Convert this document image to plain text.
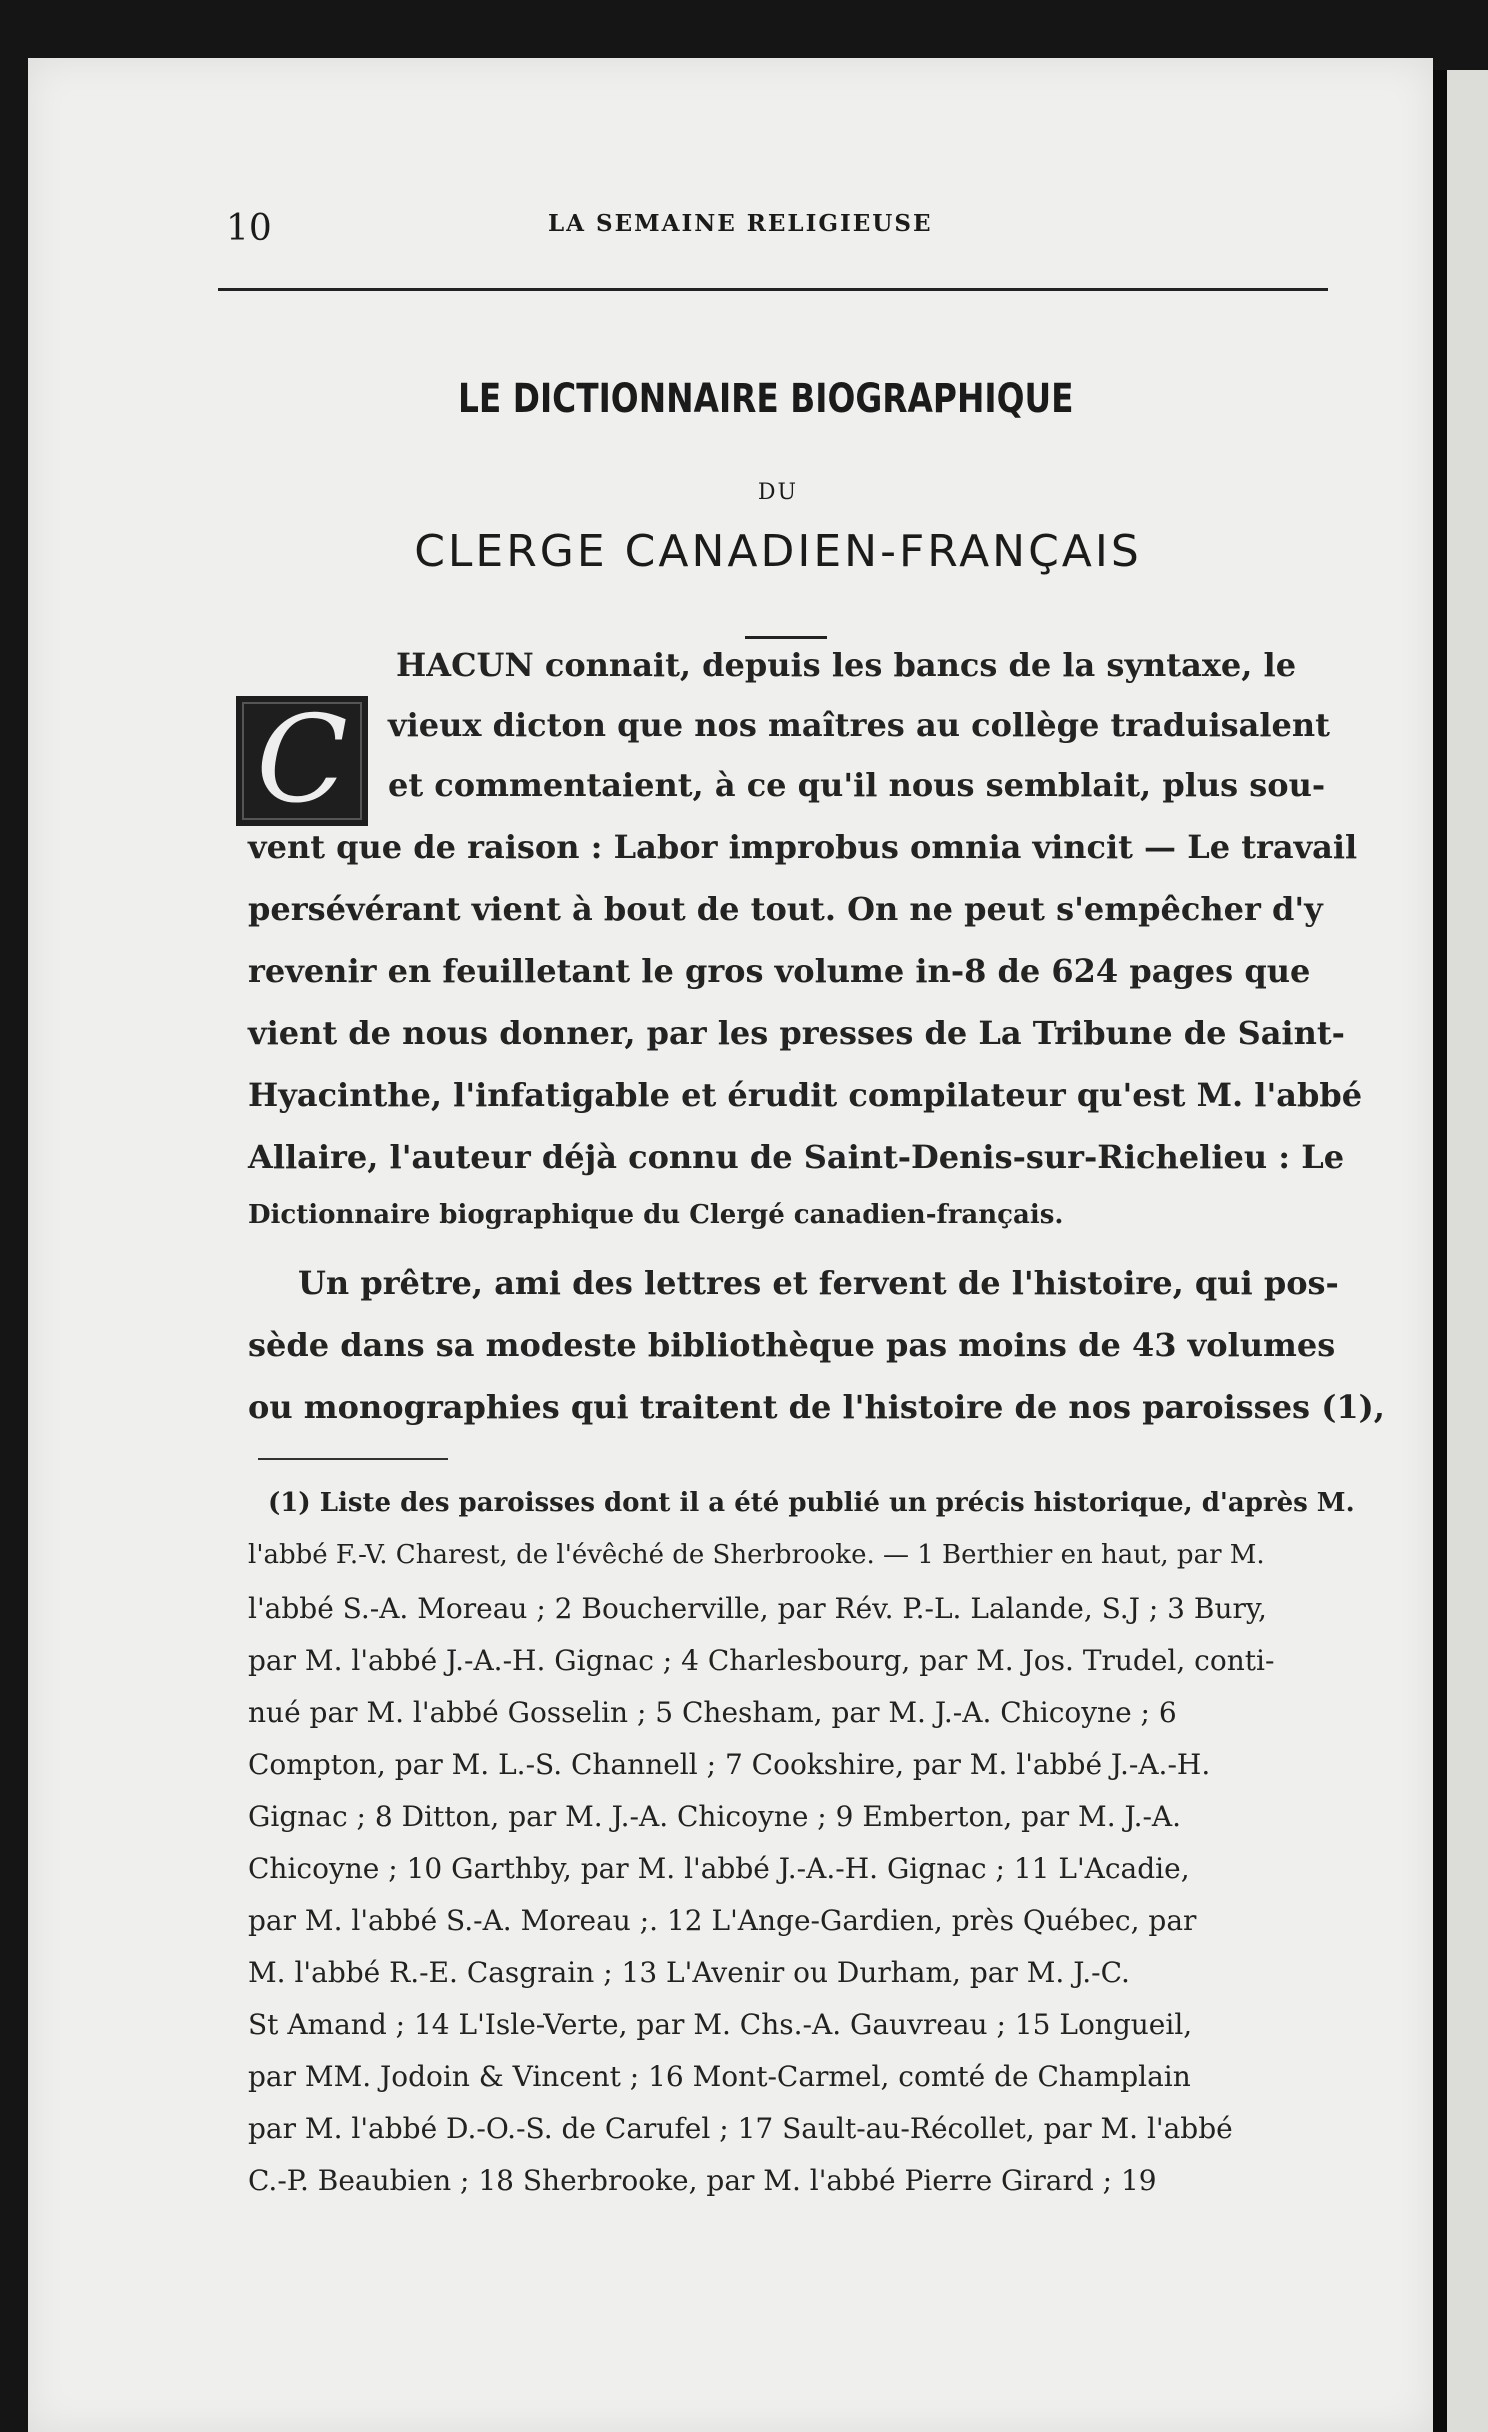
10	LA SEMAINE RELIGIEUSE
LE DICTIONNAIRE BIOGRAPHIQUE
DU
CLERGE CANADIEN-FRANÇAIS
C
HACUN connait, depuis les bancs de la syntaxe, le
vieux dicton que nos maîtres au collège traduisalent
et commentaient, à ce qu'il nous semblait, plus sou-
vent que de raison : Labor improbus omnia vincit — Le travail
persévérant vient à bout de tout. On ne peut s'empêcher d'y
revenir en feuilletant le gros volume in-8 de 624 pages que
vient de nous donner, par les presses de La Tribune de Saint-
Hyacinthe, l'infatigable et érudit compilateur qu'est M. l'abbé
Allaire, l'auteur déjà connu de Saint-Denis-sur-Richelieu : Le
Dictionnaire biographique du Clergé canadien-français.
Un prêtre, ami des lettres et fervent de l'histoire, qui pos-
sède dans sa modeste bibliothèque pas moins de 43 volumes
ou monographies qui traitent de l'histoire de nos paroisses (1),
(1) Liste des paroisses dont il a été publié un précis historique, d'après M.
l'abbé F.-V. Charest, de l'évêché de Sherbrooke. — 1 Berthier en haut, par M.
l'abbé S.-A. Moreau ; 2 Boucherville, par Rév. P.-L. Lalande, S.J ; 3 Bury,
par M. l'abbé J.-A.-H. Gignac ; 4 Charlesbourg, par M. Jos. Trudel, conti-
nué par M. l'abbé Gosselin ; 5 Chesham, par M. J.-A. Chicoyne ; 6
Compton, par M. L.-S. Channell ; 7 Cookshire, par M. l'abbé J.-A.-H.
Gignac ; 8 Ditton, par M. J.-A. Chicoyne ; 9 Emberton, par M. J.-A.
Chicoyne ; 10 Garthby, par M. l'abbé J.-A.-H. Gignac ; 11 L'Acadie,
par M. l'abbé S.-A. Moreau ;. 12 L'Ange-Gardien, près Québec, par
M. l'abbé R.-E. Casgrain ; 13 L'Avenir ou Durham, par M. J.-C.
St Amand ; 14 L'Isle-Verte, par M. Chs.-A. Gauvreau ; 15 Longueil,
par MM. Jodoin & Vincent ; 16 Mont-Carmel, comté de Champlain
par M. l'abbé D.-O.-S. de Carufel ; 17 Sault-au-Récollet, par M. l'abbé
C.-P. Beaubien ; 18 Sherbrooke, par M. l'abbé Pierre Girard ; 19
